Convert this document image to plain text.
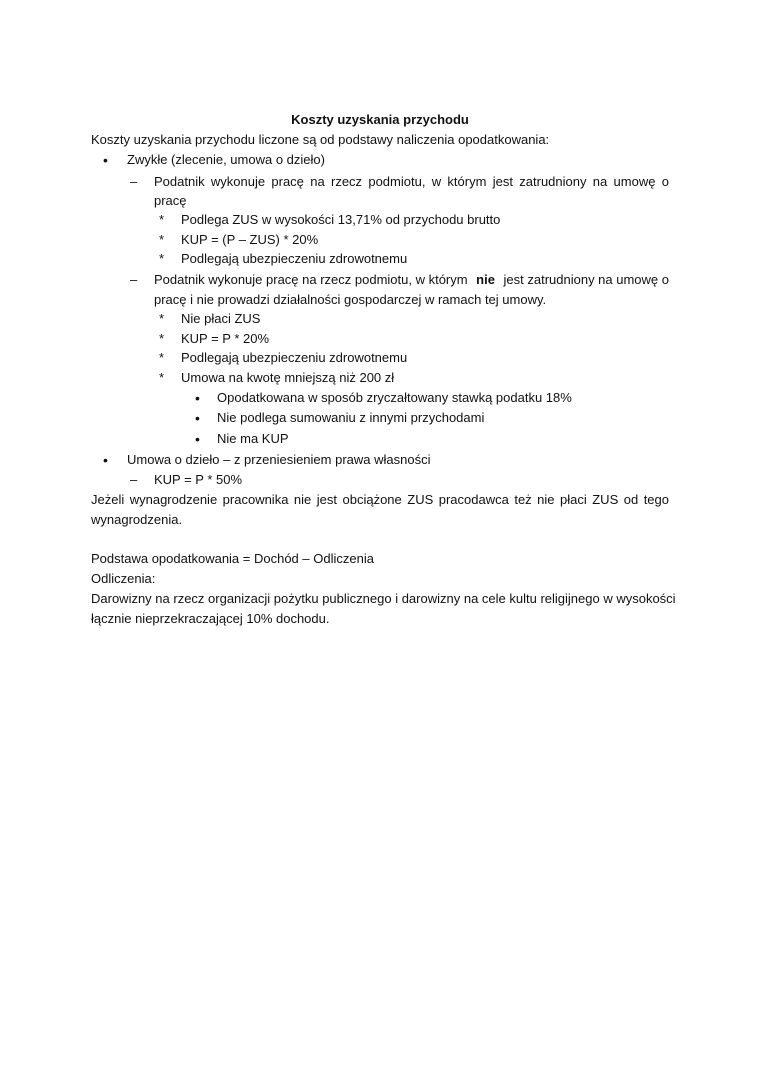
Koszty uzyskania przychodu
Koszty uzyskania przychodu liczone są od podstawy naliczenia opodatkowania:
• Zwykłe (zlecenie, umowa o dzieło)
– Podatnik wykonuje pracę na rzecz podmiotu, w którym jest zatrudniony na umowę o
pracę
* Podlega ZUS w wysokości 13,71% od przychodu brutto
* KUP = (P – ZUS) * 20%
* Podlegają ubezpieczeniu zdrowotnemu
– Podatnik wykonuje pracę na rzecz podmiotu, w którym nie jest zatrudniony na umowę o
pracę i nie prowadzi działalności gospodarczej w ramach tej umowy.
* Nie płaci ZUS
* KUP = P * 20%
* Podlegają ubezpieczeniu zdrowotnemu
* Umowa na kwotę mniejszą niż 200 zł
• Opodatkowana w sposób zryczałtowany stawką podatku 18%
• Nie podlega sumowaniu z innymi przychodami
• Nie ma KUP
• Umowa o dzieło – z przeniesieniem prawa własności
– KUP = P * 50%
Jeżeli wynagrodzenie pracownika nie jest obciążone ZUS pracodawca też nie płaci ZUS od tego
wynagrodzenia.
Podstawa opodatkowania = Dochód – Odliczenia
Odliczenia:
Darowizny na rzecz organizacji pożytku publicznego i darowizny na cele kultu religijnego w wysokości
łącznie nieprzekraczającej 10% dochodu.
